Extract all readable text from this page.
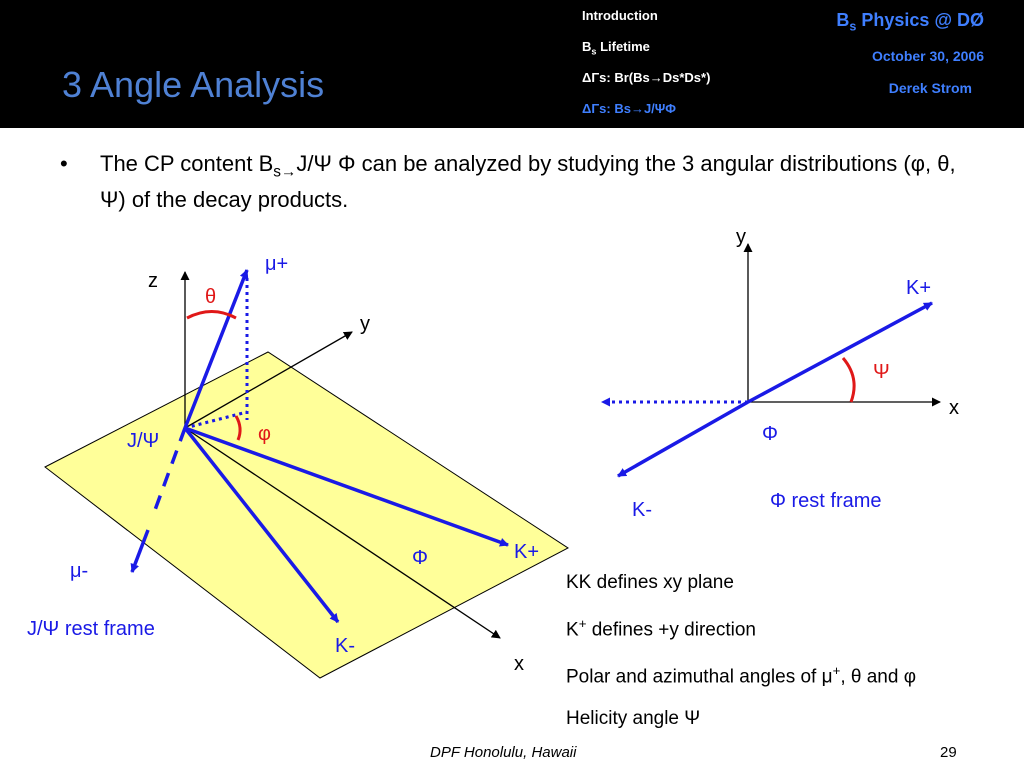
3 Angle Analysis
Introduction
$B_s$ Lifetime
ΔΓs: Br(Bs→Ds*Ds*)
ΔΓs: Bs→J/ΨΦ
$B_s$ Physics @ DØ
October 30, 2006
Derek Strom
• The CP content $B_{s\to}J/\Psi$ Φ can be analyzed by studying the 3 angular distributions (φ, θ, Ψ) of the decay products.
z
y
x
μ+
θ
φ
J/Ψ
Φ	K+
K-
μ-
J/Ψ rest frame
y
x
K+
Ψ
Φ
K-	Φ rest frame
KK defines xy plane
K+ defines +y direction
Polar and azimuthal angles of μ+, θ and φ
Helicity angle Ψ
DPF Honolulu, Hawaii	29
